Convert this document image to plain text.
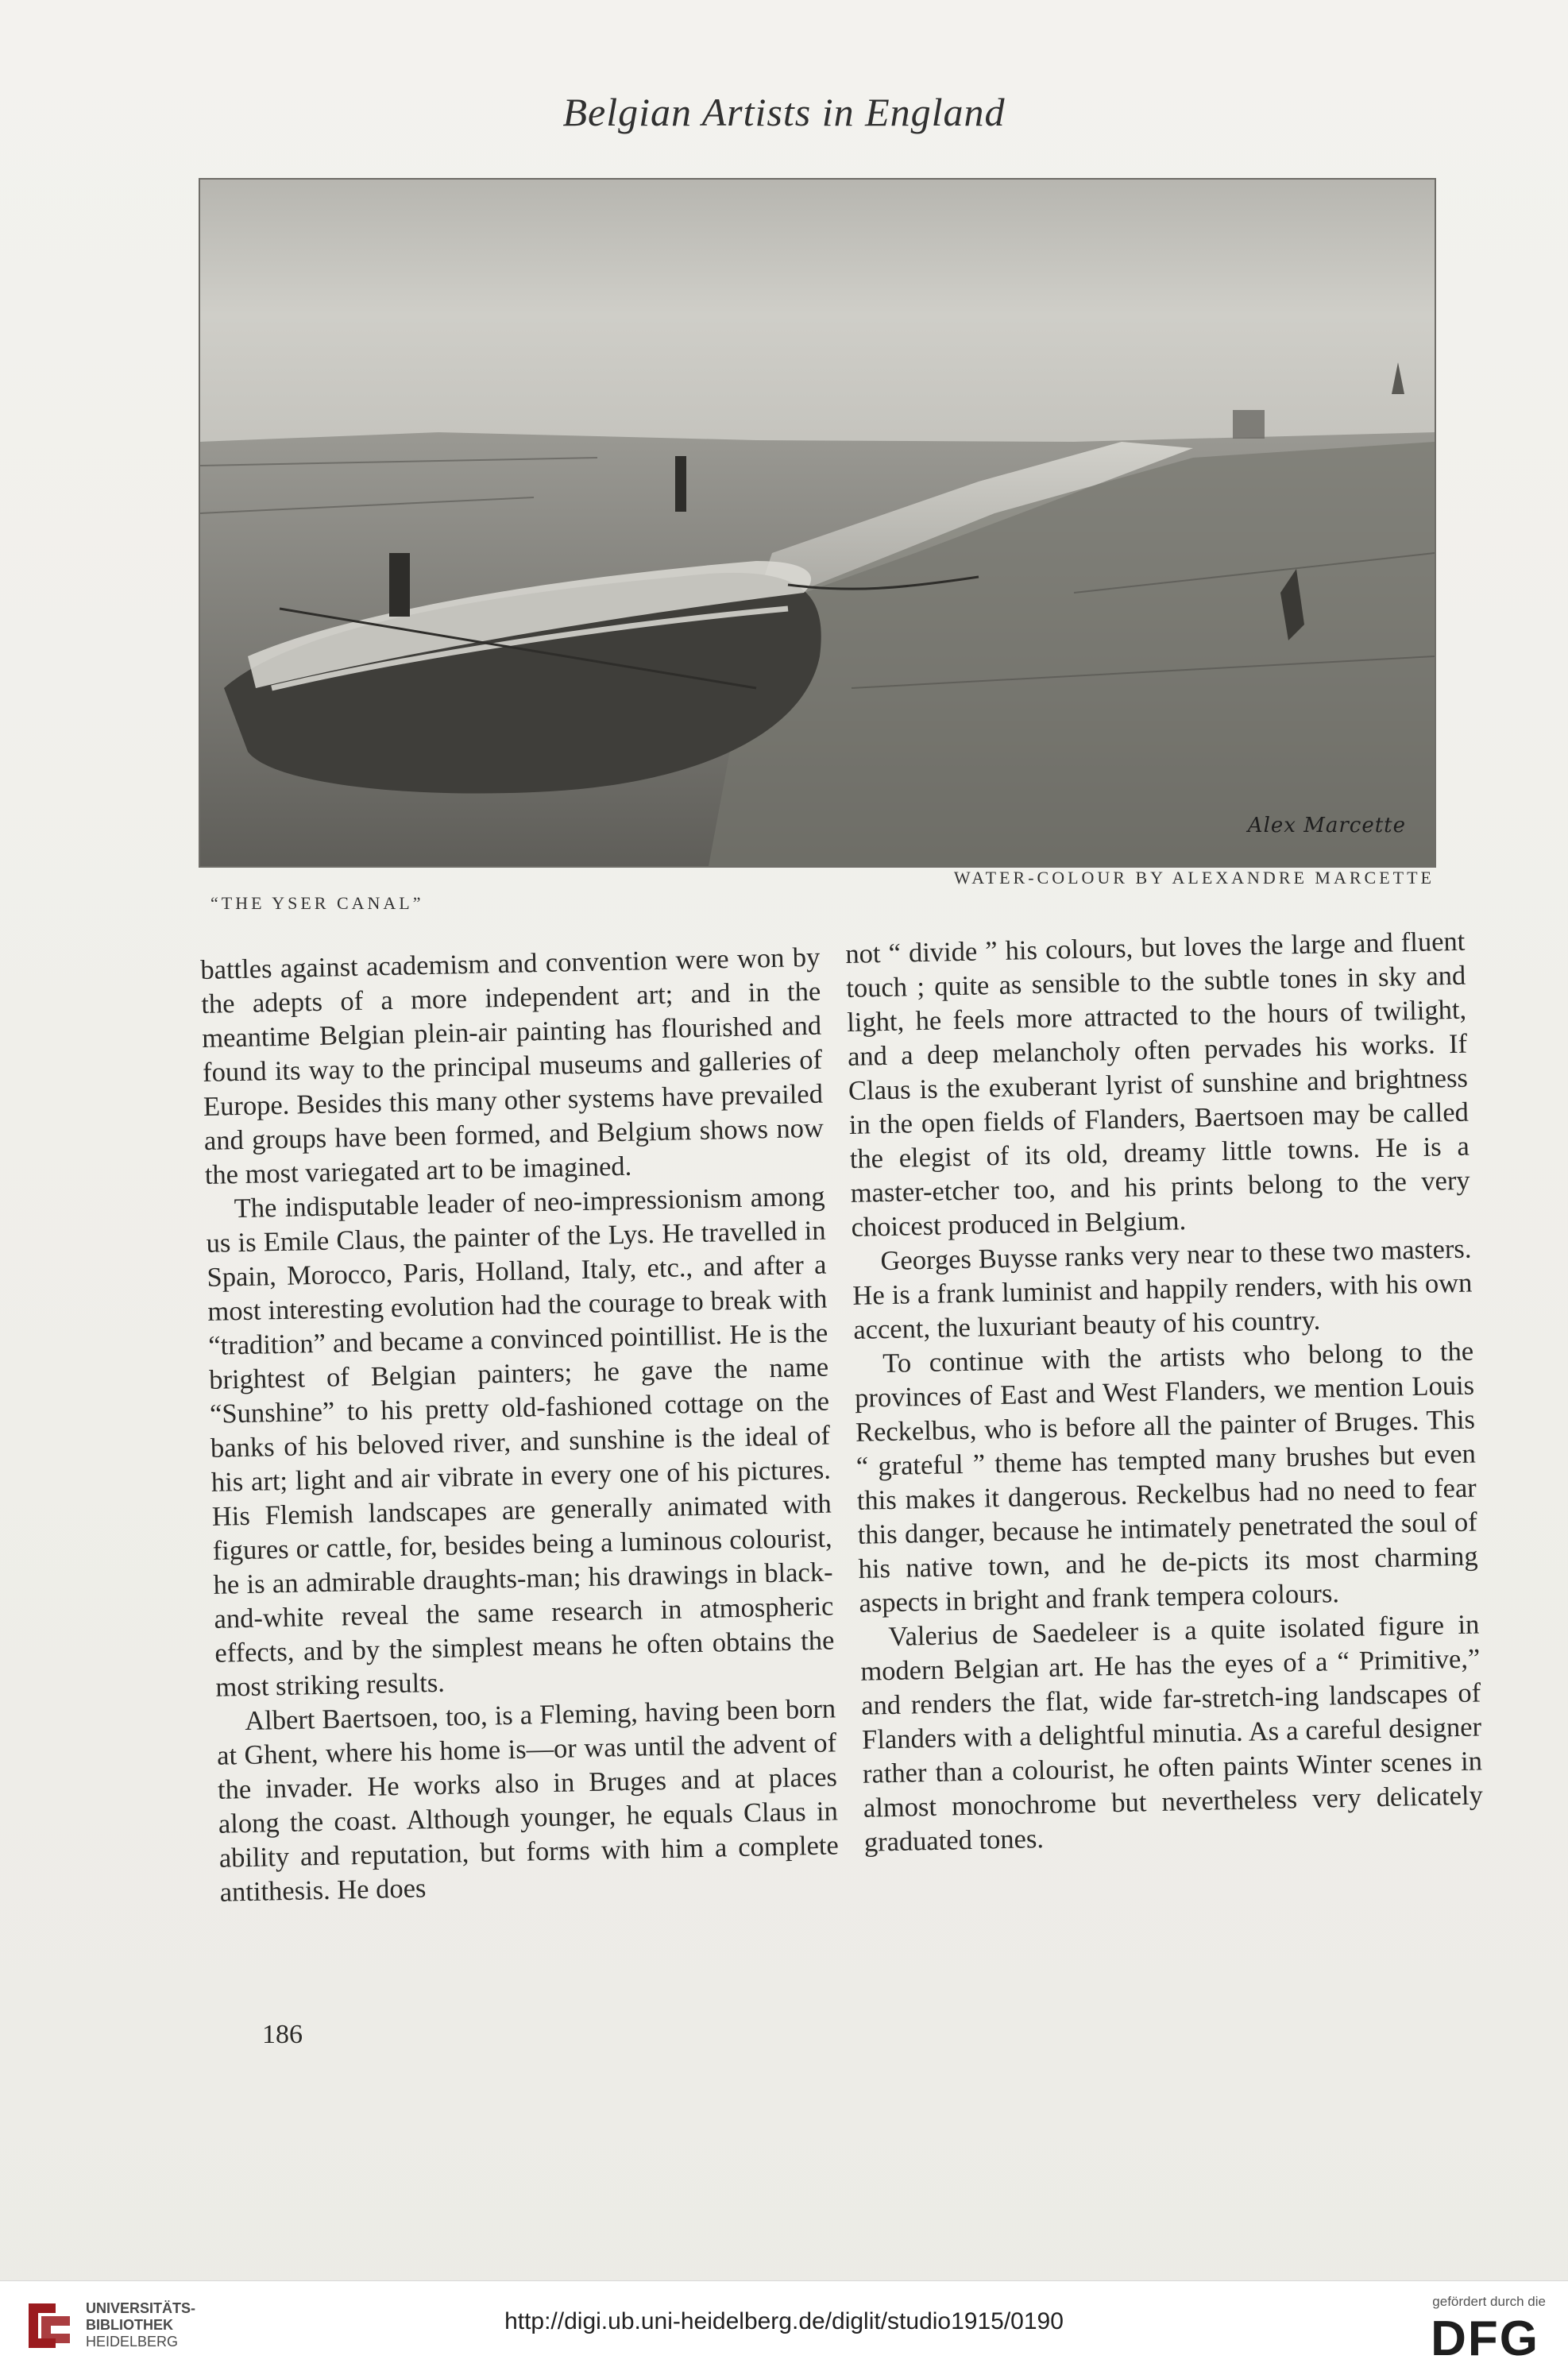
Belgian Artists in England
Alex Marcette
WATER-COLOUR BY ALEXANDRE MARCETTE
“THE YSER CANAL”

battles against academism and convention were won by the adepts of a more independent art; and in the meantime Belgian plein-air painting has flourished and found its way to the principal museums and galleries of Europe. Besides this many other systems have prevailed and groups have been formed, and Belgium shows now the most variegated art to be imagined.

The indisputable leader of neo-impressionism among us is Emile Claus, the painter of the Lys. He travelled in Spain, Morocco, Paris, Holland, Italy, etc., and after a most interesting evolution had the courage to break with “tradition” and became a convinced pointillist. He is the brightest of Belgian painters; he gave the name “Sunshine” to his pretty old-fashioned cottage on the banks of his beloved river, and sunshine is the ideal of his art; light and air vibrate in every one of his pictures. His Flemish landscapes are generally animated with figures or cattle, for, besides being a luminous colourist, he is an admirable draughts-man; his drawings in black-and-white reveal the same research in atmospheric effects, and by the simplest means he often obtains the most striking results.

Albert Baertsoen, too, is a Fleming, having been born at Ghent, where his home is—or was until the advent of the invader. He works also in Bruges and at places along the coast. Although younger, he equals Claus in ability and reputation, but forms with him a complete antithesis. He does

not “ divide ” his colours, but loves the large and fluent touch ; quite as sensible to the subtle tones in sky and light, he feels more attracted to the hours of twilight, and a deep melancholy often pervades his works. If Claus is the exuberant lyrist of sunshine and brightness in the open fields of Flanders, Baertsoen may be called the elegist of its old, dreamy little towns. He is a master-etcher too, and his prints belong to the very choicest produced in Belgium.

Georges Buysse ranks very near to these two masters. He is a frank luminist and happily renders, with his own accent, the luxuriant beauty of his country.

To continue with the artists who belong to the provinces of East and West Flanders, we mention Louis Reckelbus, who is before all the painter of Bruges. This “ grateful ” theme has tempted many brushes but even this makes it dangerous. Reckelbus had no need to fear this danger, because he intimately penetrated the soul of his native town, and he de-picts its most charming aspects in bright and frank tempera colours.

Valerius de Saedeleer is a quite isolated figure in modern Belgian art. He has the eyes of a “ Primitive,” and renders the flat, wide far-stretch-ing landscapes of Flanders with a delightful minutia. As a careful designer rather than a colourist, he often paints Winter scenes in almost monochrome but nevertheless very delicately graduated tones.

186
UNIVERSITÄTS-
BIBLIOTHEK
HEIDELBERG
http://digi.ub.uni-heidelberg.de/diglit/studio1915/0190
gefördert durch die
DFG
